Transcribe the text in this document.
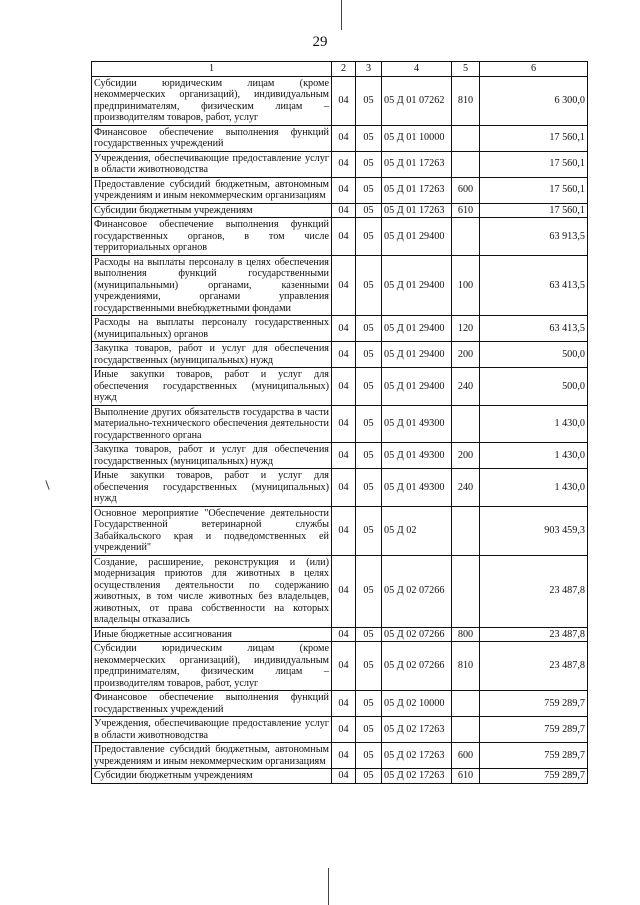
29
1	2	3	4	5	6
Субсидии юридическим лицам (кроме некоммерческих организаций), индивидуальным предпринимателям, физическим лицам – производителям товаров, работ, услуг	04	05	05 Д 01 07262	810	6 300,0
Финансовое обеспечение выполнения функций государственных учреждений	04	05	05 Д 01 10000		17 560,1
Учреждения, обеспечивающие предоставление услуг в области животноводства	04	05	05 Д 01 17263		17 560,1
Предоставление субсидий бюджетным, автономным учреждениям и иным некоммерческим организациям	04	05	05 Д 01 17263	600	17 560,1
Субсидии бюджетным учреждениям	04	05	05 Д 01 17263	610	17 560,1
Финансовое обеспечение выполнения функций государственных органов, в том числе территориальных органов	04	05	05 Д 01 29400		63 913,5
Расходы на выплаты персоналу в целях обеспечения выполнения функций государственными (муниципальными) органами, казенными учреждениями, органами управления государственными внебюджетными фондами	04	05	05 Д 01 29400	100	63 413,5
Расходы на выплаты персоналу государственных (муниципальных) органов	04	05	05 Д 01 29400	120	63 413,5
Закупка товаров, работ и услуг для обеспечения государственных (муниципальных) нужд	04	05	05 Д 01 29400	200	500,0
Иные закупки товаров, работ и услуг для обеспечения государственных (муниципальных) нужд	04	05	05 Д 01 29400	240	500,0
Выполнение других обязательств государства в части материально-технического обеспечения деятельности государственного органа	04	05	05 Д 01 49300		1 430,0
Закупка товаров, работ и услуг для обеспечения государственных (муниципальных) нужд	04	05	05 Д 01 49300	200	1 430,0
Иные закупки товаров, работ и услуг для обеспечения государственных (муниципальных) нужд	04	05	05 Д 01 49300	240	1 430,0
Основное мероприятие "Обеспечение деятельности Государственной ветеринарной службы Забайкальского края и подведомственных ей учреждений"	04	05	05 Д 02		903 459,3
Создание, расширение, реконструкция и (или) модернизация приютов для животных в целях осуществления деятельности по содержанию животных, в том числе животных без владельцев, животных, от права собственности на которых владельцы отказались	04	05	05 Д 02 07266		23 487,8
Иные бюджетные ассигнования	04	05	05 Д 02 07266	800	23 487,8
Субсидии юридическим лицам (кроме некоммерческих организаций), индивидуальным предпринимателям, физическим лицам – производителям товаров, работ, услуг	04	05	05 Д 02 07266	810	23 487,8
Финансовое обеспечение выполнения функций государственных учреждений	04	05	05 Д 02 10000		759 289,7
Учреждения, обеспечивающие предоставление услуг в области животноводства	04	05	05 Д 02 17263		759 289,7
Предоставление субсидий бюджетным, автономным учреждениям и иным некоммерческим организациям	04	05	05 Д 02 17263	600	759 289,7
Субсидии бюджетным учреждениям	04	05	05 Д 02 17263	610	759 289,7
